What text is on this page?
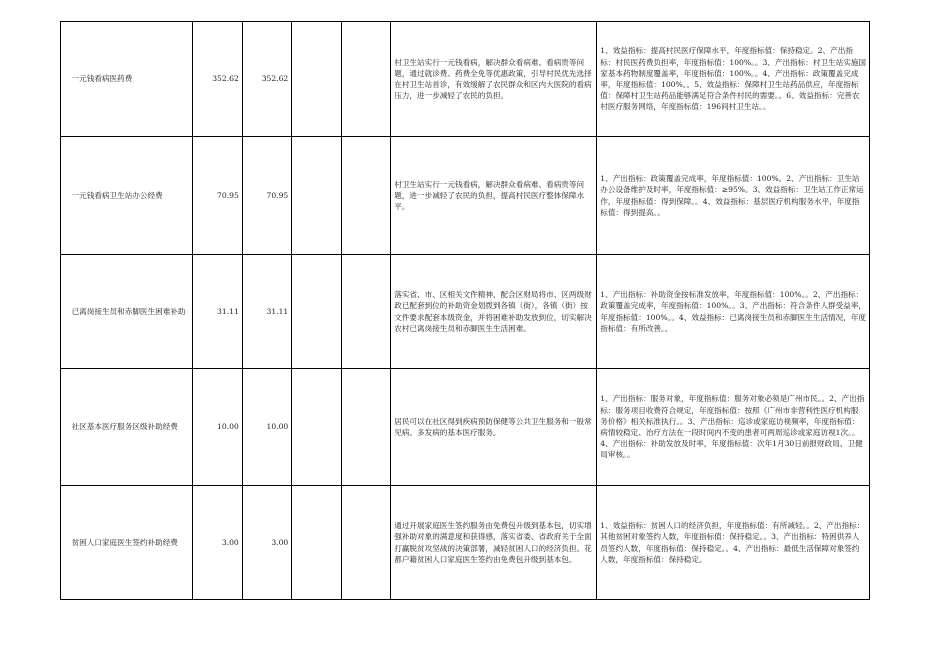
　一元钱看病医药费	352.62	352.62			村卫生站实行一元钱看病，解决群众看病难、看病贵等问题，通过就诊费、药费全免等优惠政策，引导村民优先选择在村卫生站首诊，有效缓解了农民群众和区内大医院的看病压力，进一步减轻了农民的负担。	1、效益指标：提高村民医疗保障水平，年度指标值：保持稳定。2、产出指标：村民医药费负担率，年度指标值：100%。。3、产出指标：村卫生站实施国家基本药物制度覆盖率，年度指标值：100%。。4、产出指标：政策覆盖完成率，年度指标值：100%。。5、效益指标：保障村卫生站药品供应，年度指标值：保障村卫生站药品能够满足符合条件村民的需要。。6、效益指标：完善农村医疗服务网络，年度指标值：196间村卫生站。。
　一元钱看病卫生站办公经费	70.95	70.95			村卫生站实行一元钱看病，解决群众看病难、看病贵等问题，进一步减轻了农民的负担，提高村民医疗整体保障水平。	1、产出指标：政策覆盖完成率，年度指标值：100%。2、产出指标：卫生站办公设备维护及时率，年度指标值：≥95%。3、效益指标：卫生站工作正常运作，年度指标值：得到保障。。4、效益指标：基层医疗机构服务水平，年度指标值：得到提高。。
　已离岗接生员和赤脚医生困难补助	31.11	31.11			落实省、市、区相关文件精神，配合区财局将市、区两级财政已配套到位的补助资金划拨到各镇（街），各镇（街）按文件要求配套本级资金，并将困难补助发放到位，切实解决农村已离岗接生员和赤脚医生生活困难。	1、产出指标：补助资金按标准发放率，年度指标值：100%。。2、产出指标：政策覆盖完成率，年度指标值：100%。。3、产出指标：符合条件人群受益率，年度指标值：100%。。4、效益指标：已离岗接生员和赤脚医生生活情况，年度指标值：有所改善。。
　社区基本医疗服务区级补助经费	10.00	10.00			居民可以在社区得到疾病预防保健等公共卫生服务和一般常见病、多发病的基本医疗服务。	1、产出指标：服务对象，年度指标值：服务对象必须是广州市民。。2、产出指标：服务项目收费符合规定，年度指标值：按照《广州市非营利性医疗机构服务价格》相关标准执行。。3、产出指标：巡诊或家庭访视频率，年度指标值：病情较稳定、治疗方法在一段时间内不变的患者可两周巡诊或家庭访视1次。。4、产出指标：补助发放及时率，年度指标值：次年1月30日前报财政局、卫健局审核。。
　贫困人口家庭医生签约补助经费	3.00	3.00			通过开展家庭医生签约服务由免费包升级到基本包，切实增强补助对象的满意度和获得感，落实省委、省政府关于全面打赢脱贫攻坚战的决策部署，减轻贫困人口的经济负担。花都户籍贫困人口家庭医生签约由免费包升级到基本包。	1、效益指标：贫困人口的经济负担，年度指标值：有所减轻。。2、产出指标：其他贫困对象签约人数，年度指标值：保持稳定。。3、产出指标：特困供养人员签约人数，年度指标值：保持稳定。。4、产出指标：最低生活保障对象签约人数，年度指标值：保持稳定。
